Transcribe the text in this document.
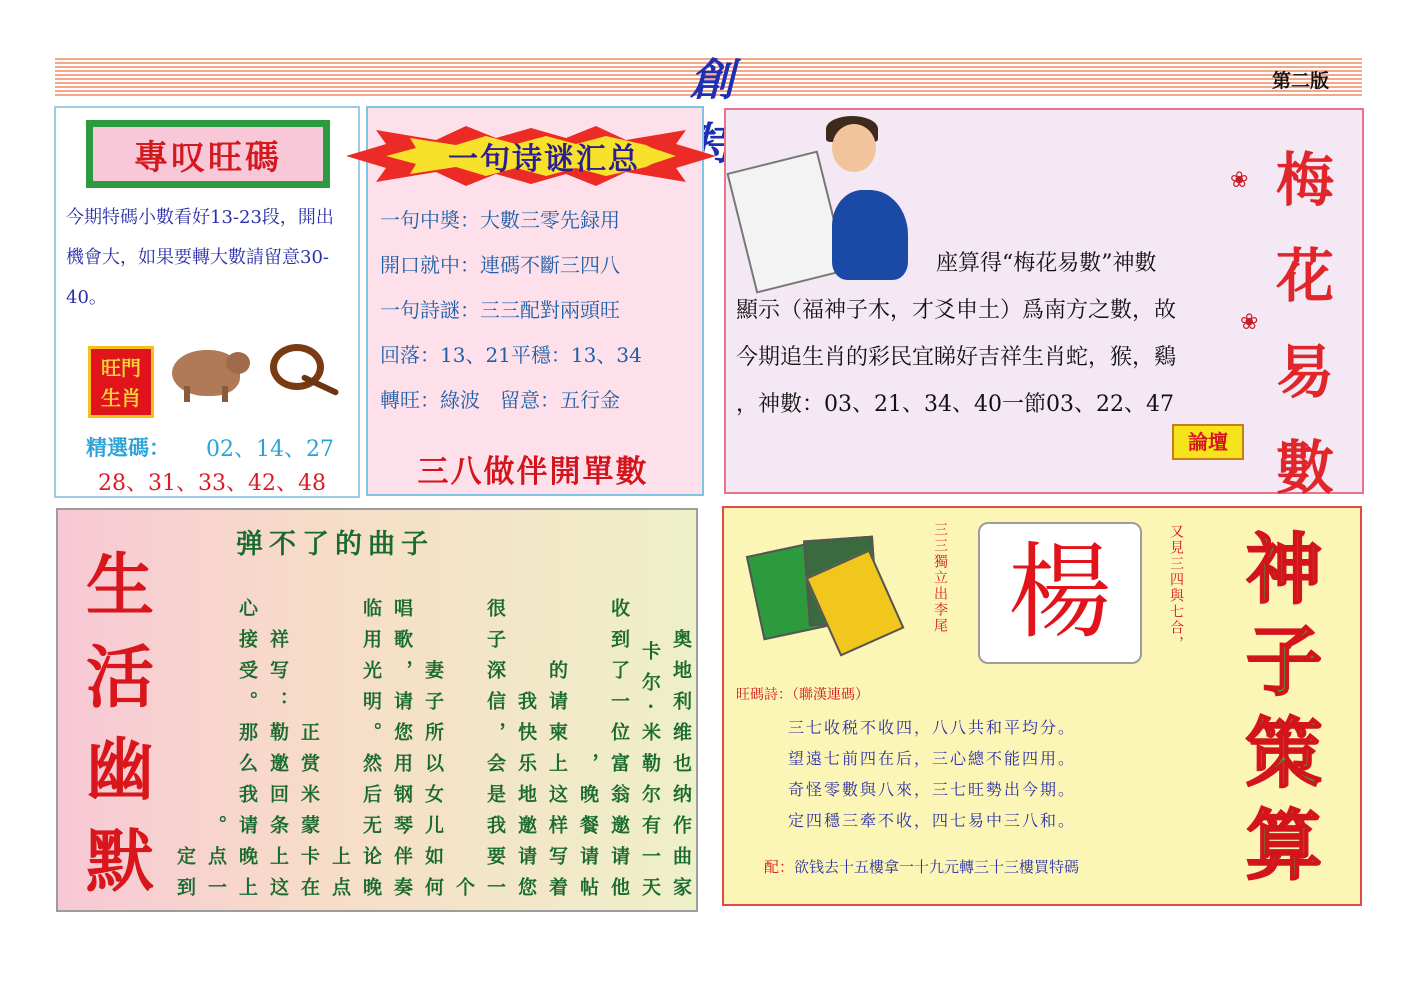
創	第二版
專叹旺碼
今期特碼小數看好13-23段，開出機會大，如果要轉大數請留意30-40。
旺門
生肖
精選碼： 02、14、27
28、31、33、42、48
一句诗谜汇总
一句中奬：大數三零先録用
開口就中：連碼不斷三四八
一句詩謎：三三配對兩頭旺
回落：13、21平穩：13、34
轉旺：綠波　留意：五行金
三八做伴開單數
座算得“梅花易數”神數
顯示（福神子木，才爻申土）爲南方之數，故
今期追生肖的彩民宜睇好吉祥生肖蛇，猴，鷄
，神數：03、21、34、40一節03、22、47
❀
❀
梅花易數
論壇
弹不了的曲子
生活幽默	奥地利维也纳作曲家
卡尔·米勒尔有一天
收到了一位富翁邀请他
晚餐请帖，
的请柬上这样写着
我快乐地邀请您
很子深信，会是我要一个
妻子所以女儿如何
唱歌，请您用钢琴伴奏
临用光明。然后无论晚上点
正赏米蒙卡在
祥写：勒邀回条上这
心接受。那么我请晚上
点一。
定到
三三獨立出李尾 楊	又見三四與七合，
旺碼詩：（聯漢連碼）
三七收税不收四，八八共和平均分。
望遠七前四在后，三心總不能四用。
奇怪零數與八來，三七旺勢出今期。
定四穩三牽不收，四七易中三八和。
配：欲钱去十五樓拿一十九元轉三十三樓買特碼
神子策算
